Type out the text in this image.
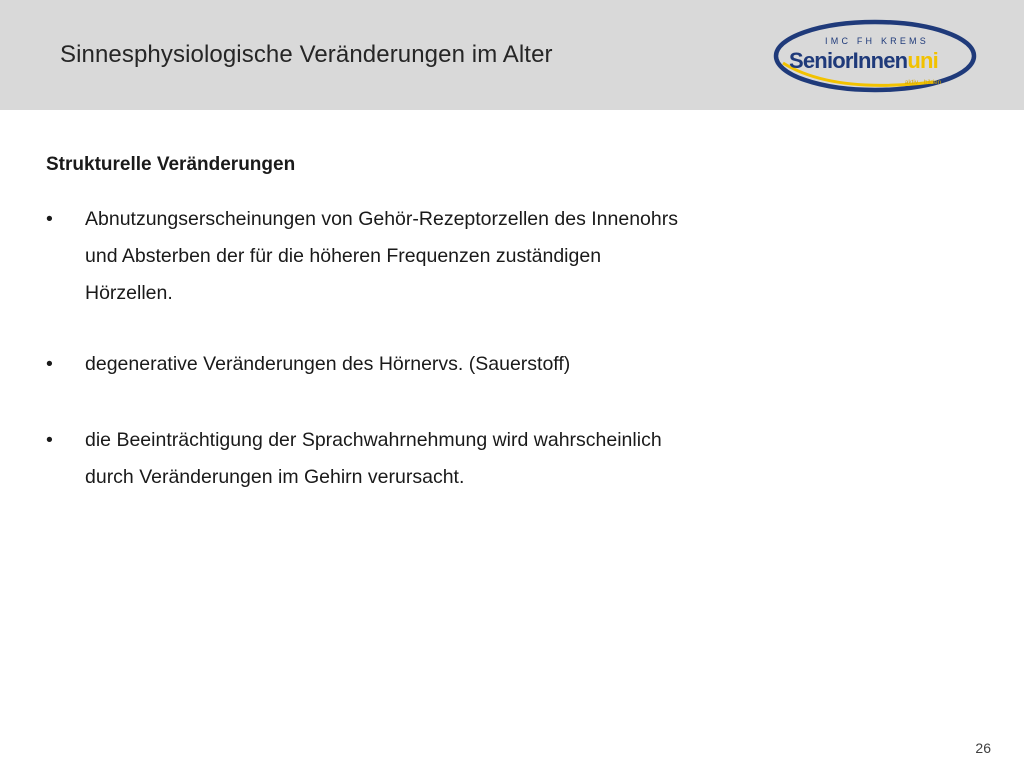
Sinnesphysiologische Veränderungen im Alter	IMC FH KREMS
SeniorInnenuni
aktiv · bilden
Strukturelle Veränderungen
•	Abnutzungserscheinungen von Gehör-Rezeptorzellen des Innenohrs
und Absterben der für die höheren Frequenzen zuständigen
Hörzellen.
•	degenerative Veränderungen des Hörnervs. (Sauerstoff)
•	die Beeinträchtigung der Sprachwahrnehmung wird wahrscheinlich
durch Veränderungen im Gehirn verursacht.
26
